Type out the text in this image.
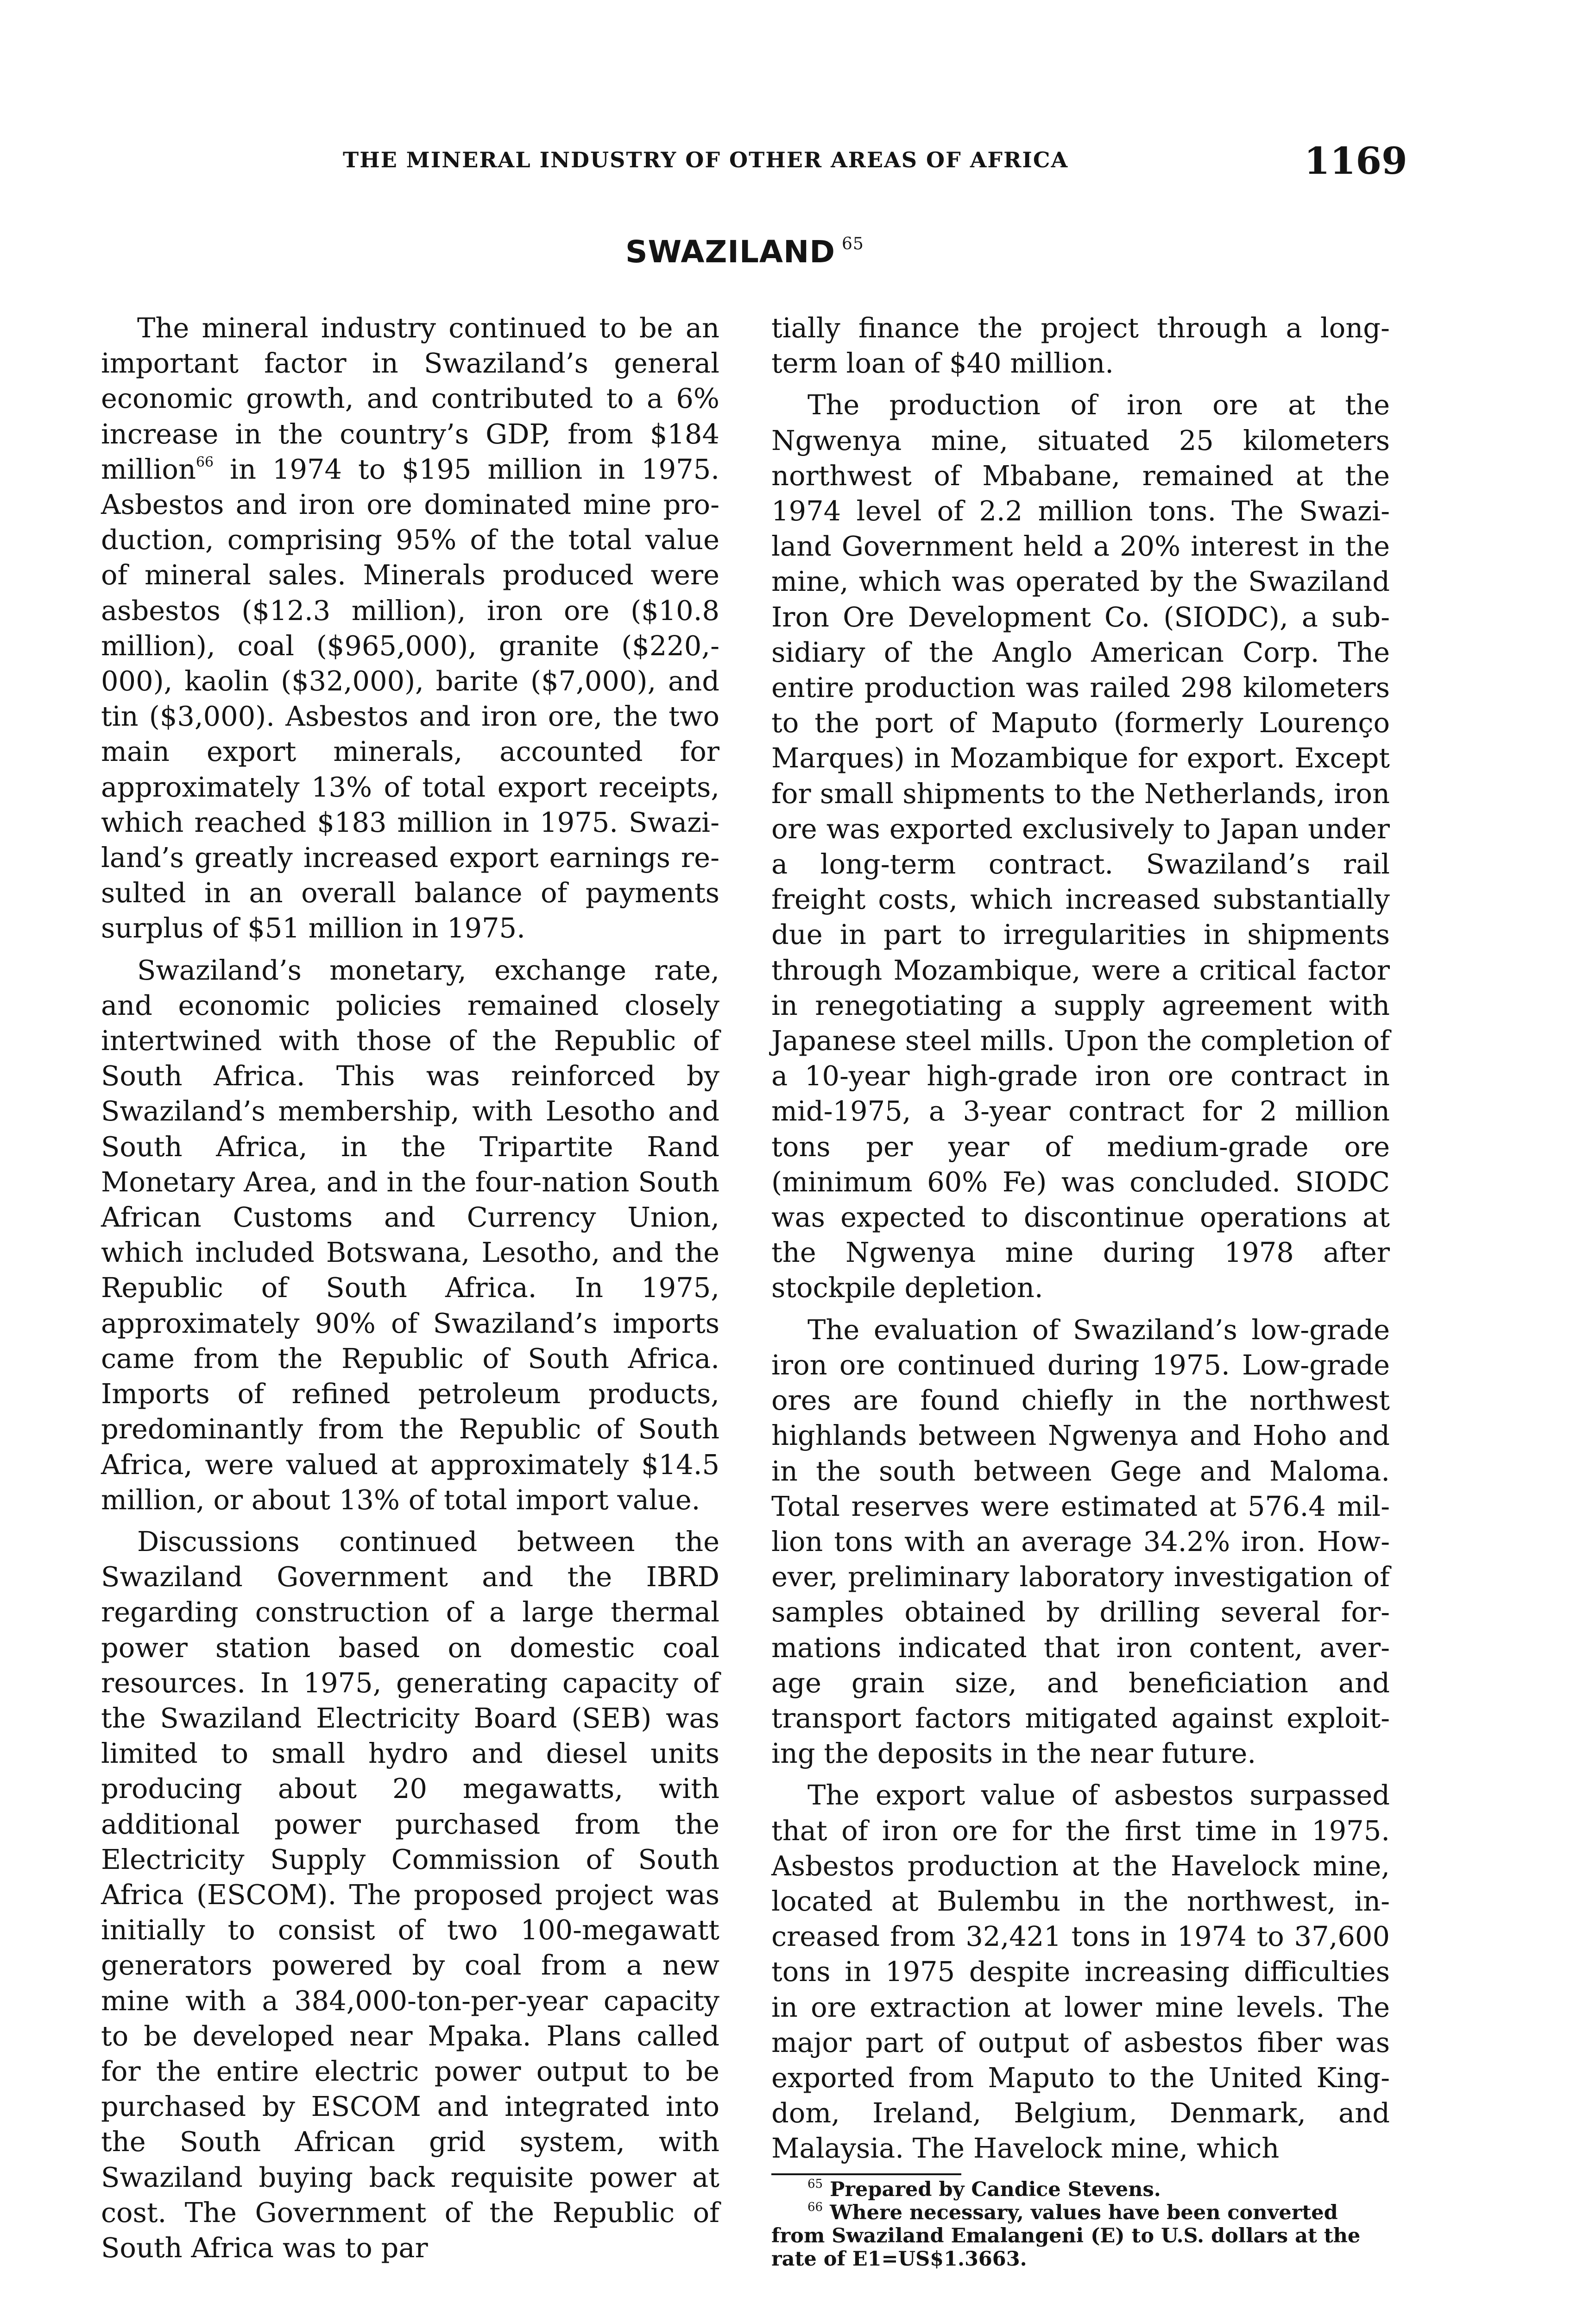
THE MINERAL INDUSTRY OF OTHER AREAS OF AFRICA	1169
SWAZILAND $^{65}$

The mineral industry continued to be an important factor in Swaziland’s general economic growth, and contributed to a 6% increase in the country’s GDP, from $184 million$^{66}$ in 1974 to $195 million in 1975. Asbestos and iron ore dominated mine production, comprising 95% of the total value of mineral sales. Minerals produced were asbestos ($12.3 million), iron ore ($10.8 million), coal ($965,000), granite ($220,000), kaolin ($32,000), barite ($7,000), and tin ($3,000). Asbestos and iron ore, the two main export minerals, accounted for approximately 13% of total export receipts, which reached $183 million in 1975. Swaziland’s greatly increased export earnings resulted in an overall balance of payments surplus of $51 million in 1975.

Swaziland’s monetary, exchange rate, and economic policies remained closely intertwined with those of the Republic of South Africa. This was reinforced by Swaziland’s membership, with Lesotho and South Africa, in the Tripartite Rand Monetary Area, and in the four-nation South African Customs and Currency Union, which included Botswana, Lesotho, and the Republic of South Africa. In 1975, approximately 90% of Swaziland’s imports came from the Republic of South Africa. Imports of refined petroleum products, predominantly from the Republic of South Africa, were valued at approximately $14.5 million, or about 13% of total import value.

Discussions continued between the Swaziland Government and the IBRD regarding construction of a large thermal power station based on domestic coal resources. In 1975, generating capacity of the Swaziland Electricity Board (SEB) was limited to small hydro and diesel units producing about 20 megawatts, with additional power purchased from the Electricity Supply Commission of South Africa (ESCOM). The proposed project was initially to consist of two 100-megawatt generators powered by coal from a new mine with a 384,000-ton-per-year capacity to be developed near Mpaka. Plans called for the entire electric power output to be purchased by ESCOM and integrated into the South African grid system, with Swaziland buying back requisite power at cost. The Government of the Republic of South Africa was to par

tially finance the project through a long-term loan of $40 million.

The production of iron ore at the Ngwenya mine, situated 25 kilometers northwest of Mbabane, remained at the 1974 level of 2.2 million tons. The Swaziland Government held a 20% interest in the mine, which was operated by the Swaziland Iron Ore Development Co. (SIODC), a subsidiary of the Anglo American Corp. The entire production was railed 298 kilometers to the port of Maputo (formerly Lourenço Marques) in Mozambique for export. Except for small shipments to the Netherlands, iron ore was exported exclusively to Japan under a long-term contract. Swaziland’s rail freight costs, which increased substantially due in part to irregularities in shipments through Mozambique, were a critical factor in renegotiating a supply agreement with Japanese steel mills. Upon the completion of a 10-year high-grade iron ore contract in mid-1975, a 3-year contract for 2 million tons per year of medium-grade ore (minimum 60% Fe) was concluded. SIODC was expected to discontinue operations at the Ngwenya mine during 1978 after stockpile depletion.

The evaluation of Swaziland’s low-grade iron ore continued during 1975. Low-grade ores are found chiefly in the northwest highlands between Ngwenya and Hoho and in the south between Gege and Maloma. Total reserves were estimated at 576.4 million tons with an average 34.2% iron. However, preliminary laboratory investigation of samples obtained by drilling several formations indicated that iron content, average grain size, and beneficiation and transport factors mitigated against exploiting the deposits in the near future.

The export value of asbestos surpassed that of iron ore for the first time in 1975. Asbestos production at the Havelock mine, located at Bulembu in the northwest, increased from 32,421 tons in 1974 to 37,600 tons in 1975 despite increasing difficulties in ore extraction at lower mine levels. The major part of output of asbestos fiber was exported from Maputo to the United Kingdom, Ireland, Belgium, Denmark, and Malaysia. The Havelock mine, which

$^{65}$ Prepared by Candice Stevens.

$^{66}$ Where necessary, values have been converted from Swaziland Emalangeni (E) to U.S. dollars at the rate of E1=US$1.3663.
